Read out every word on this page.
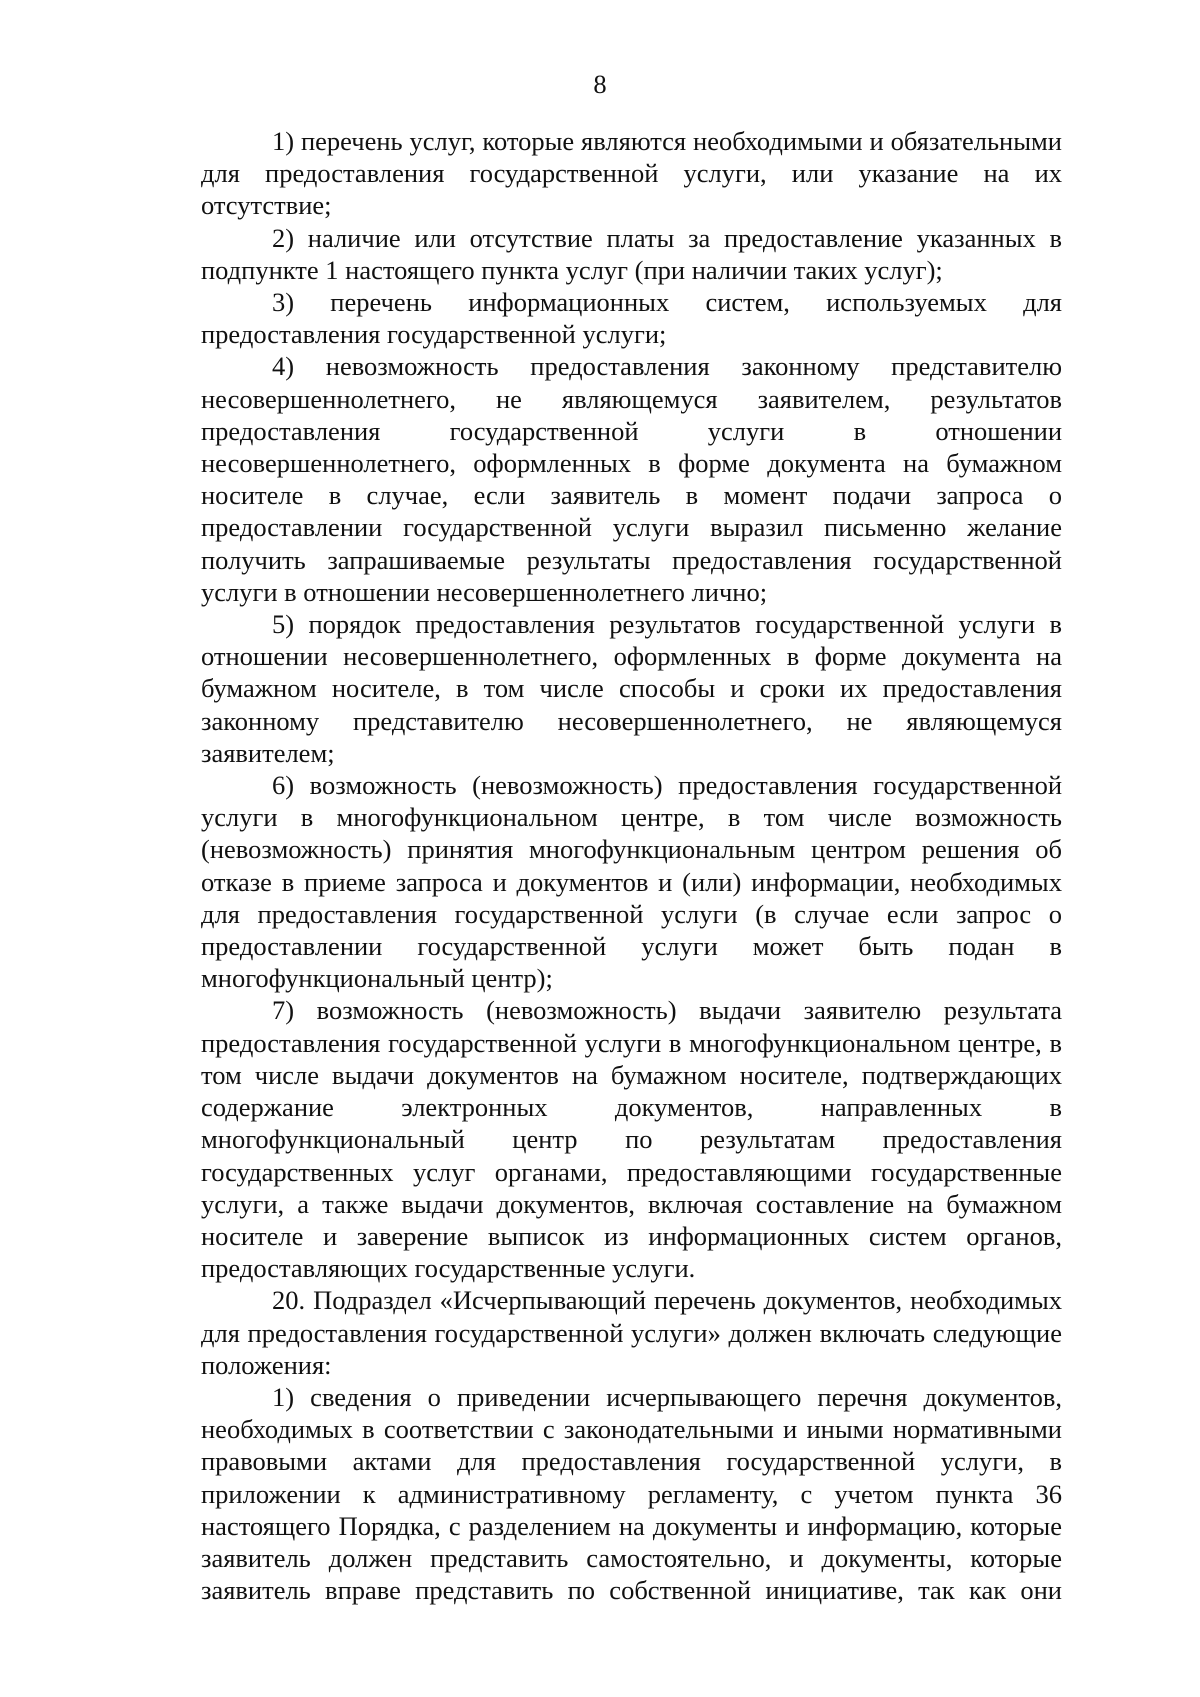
8

1) перечень услуг, которые являются необходимыми и обязательными для предоставления государственной услуги, или указание на их отсутствие;

2) наличие или отсутствие платы за предоставление указанных в подпункте 1 настоящего пункта услуг (при наличии таких услуг);

3) перечень информационных систем, используемых для предоставления государственной услуги;

4) невозможность предоставления законному представителю несовершеннолетнего, не являющемуся заявителем, результатов предоставления государственной услуги в отношении несовершеннолетнего, оформленных в форме документа на бумажном носителе в случае, если заявитель в момент подачи запроса о предоставлении государственной услуги выразил письменно желание получить запрашиваемые результаты предоставления государственной услуги в отношении несовершеннолетнего лично;

5) порядок предоставления результатов государственной услуги в отношении несовершеннолетнего, оформленных в форме документа на бумажном носителе, в том числе способы и сроки их предоставления законному представителю несовершеннолетнего, не являющемуся заявителем;

6) возможность (невозможность) предоставления государственной услуги в многофункциональном центре, в том числе возможность (невозможность) принятия многофункциональным центром решения об отказе в приеме запроса и документов и (или) информации, необходимых для предоставления государственной услуги (в случае если запрос о предоставлении государственной услуги может быть подан в многофункциональный центр);

7) возможность (невозможность) выдачи заявителю результата предоставления государственной услуги в многофункциональном центре, в том числе выдачи документов на бумажном носителе, подтверждающих содержание электронных документов, направленных в многофункциональный центр по результатам предоставления государственных услуг органами, предоставляющими государственные услуги, а также выдачи документов, включая составление на бумажном носителе и заверение выписок из информационных систем органов, предоставляющих государственные услуги.

20. Подраздел «Исчерпывающий перечень документов, необходимых для предоставления государственной услуги» должен включать следующие положения:

1) сведения о приведении исчерпывающего перечня документов, необходимых в соответствии с законодательными и иными нормативными правовыми актами для предоставления государственной услуги, в приложении к административному регламенту, с учетом пункта 36 настоящего Порядка, с разделением на документы и информацию, которые заявитель должен представить самостоятельно, и документы, которые заявитель вправе представить по собственной инициативе, так как они
